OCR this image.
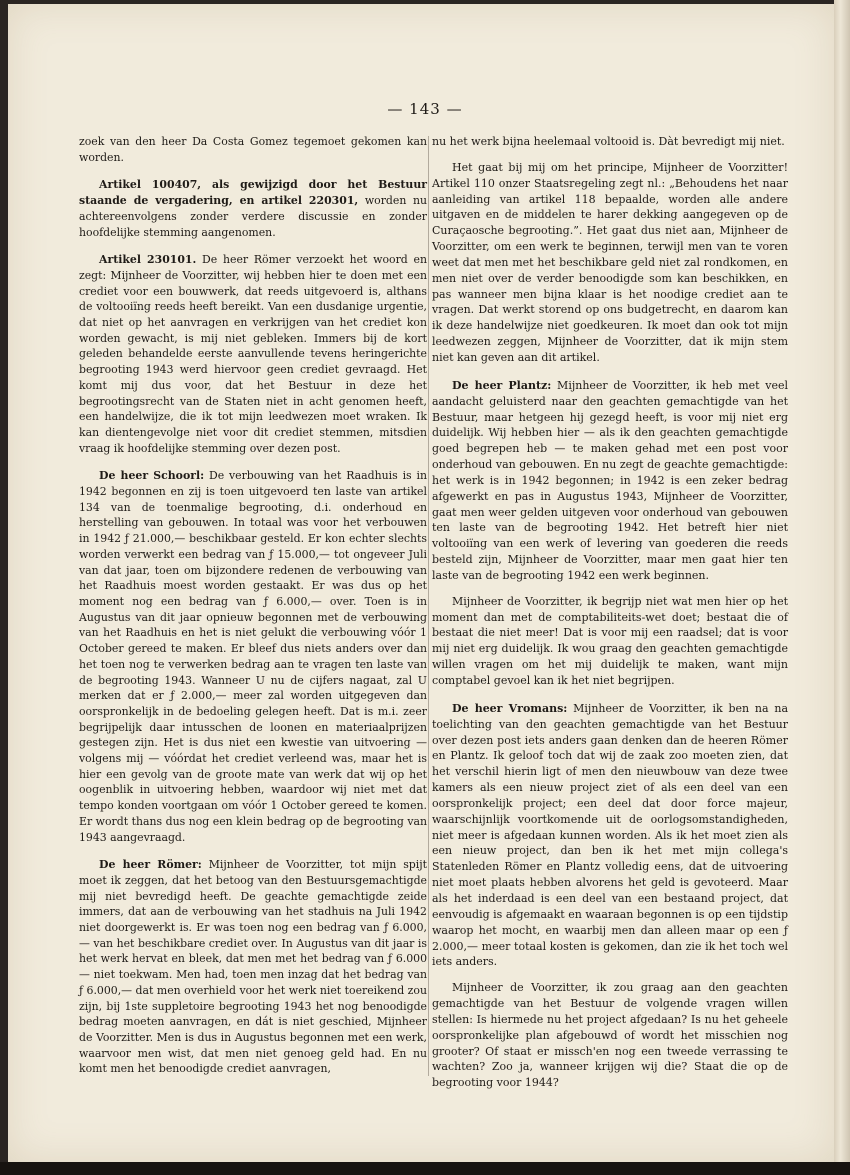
— 143 —

zoek van den heer Da Costa Gomez tegemoet gekomen kan worden.

Artikel 100407, als gewijzigd door het Bestuur staande de vergadering, en artikel 220301, worden nu achtereenvolgens zonder verdere discussie en zonder hoofdelijke stemming aangenomen.

Artikel 230101. De heer Römer verzoekt het woord en zegt: Mijnheer de Voorzitter, wij hebben hier te doen met een crediet voor een bouwwerk, dat reeds uitgevoerd is, althans de voltooiïng reeds heeft bereikt. Van een dusdanige urgentie, dat niet op het aanvragen en verkrijgen van het crediet kon worden gewacht, is mij niet gebleken. Immers bij de kort geleden behandelde eerste aanvullende tevens heringerichte begrooting 1943 werd hiervoor geen crediet gevraagd. Het komt mij dus voor, dat het Bestuur in deze het begrootingsrecht van de Staten niet in acht genomen heeft, een handelwijze, die ik tot mijn leedwezen moet wraken. Ik kan dientengevolge niet voor dit crediet stemmen, mitsdien vraag ik hoofdelijke stemming over dezen post.

De heer Schoorl: De verbouwing van het Raadhuis is in 1942 begonnen en zij is toen uitgevoerd ten laste van artikel 134 van de toenmalige begrooting, d.i. onderhoud en herstelling van gebouwen. In totaal was voor het verbouwen in 1942 ƒ 21.000,— beschikbaar gesteld. Er kon echter slechts worden verwerkt een bedrag van ƒ 15.000,— tot ongeveer Juli van dat jaar, toen om bijzondere redenen de verbouwing van het Raadhuis moest worden gestaakt. Er was dus op het moment nog een bedrag van ƒ 6.000,— over. Toen is in Augustus van dit jaar opnieuw begonnen met de verbouwing van het Raadhuis en het is niet gelukt die verbouwing vóór 1 October gereed te maken. Er bleef dus niets anders over dan het toen nog te verwerken bedrag aan te vragen ten laste van de begrooting 1943. Wanneer U nu de cijfers nagaat, zal U merken dat er ƒ 2.000,— meer zal worden uitgegeven dan oorspronkelijk in de bedoeling gelegen heeft. Dat is m.i. zeer begrijpelijk daar intusschen de loonen en materiaalprijzen gestegen zijn. Het is dus niet een kwestie van uitvoering — volgens mij — vóórdat het crediet verleend was, maar het is hier een gevolg van de groote mate van werk dat wij op het oogenblik in uitvoering hebben, waardoor wij niet met dat tempo konden voortgaan om vóór 1 October gereed te komen. Er wordt thans dus nog een klein bedrag op de begrooting van 1943 aangevraagd.

De heer Römer: Mijnheer de Voorzitter, tot mijn spijt moet ik zeggen, dat het betoog van den Bestuursgemachtigde mij niet bevredigd heeft. De geachte gemachtigde zeide immers, dat aan de verbouwing van het stadhuis na Juli 1942 niet doorgewerkt is. Er was toen nog een bedrag van ƒ 6.000,— van het beschikbare crediet over. In Augustus van dit jaar is het werk hervat en bleek, dat men met het bedrag van ƒ 6.000— niet toekwam. Men had, toen men inzag dat het bedrag van ƒ 6.000,— dat men overhield voor het werk niet toereikend zou zijn, bij 1ste suppletoire begrooting 1943 het nog benoodigde bedrag moeten aanvragen, en dát is niet geschied, Mijnheer de Voorzitter. Men is dus in Augustus begonnen met een werk, waarvoor men wist, dat men niet genoeg geld had. En nu komt men het benoodigde crediet aanvragen,

nu het werk bijna heelemaal voltooid is. Dàt bevredigt mij niet.

Het gaat bij mij om het principe, Mijnheer de Voorzitter! Artikel 110 onzer Staatsregeling zegt nl.: „Behoudens het naar aanleiding van artikel 118 bepaalde, worden alle andere uitgaven en de middelen te harer dekking aangegeven op de Curaçaosche begrooting.”. Het gaat dus niet aan, Mijnheer de Voorzitter, om een werk te beginnen, terwijl men van te voren weet dat men met het beschikbare geld niet zal rondkomen, en men niet over de verder benoodigde som kan beschikken, en pas wanneer men bijna klaar is het noodige crediet aan te vragen. Dat werkt storend op ons budgetrecht, en daarom kan ik deze handelwijze niet goedkeuren. Ik moet dan ook tot mijn leedwezen zeggen, Mijnheer de Voorzitter, dat ik mijn stem niet kan geven aan dit artikel.

De heer Plantz: Mijnheer de Voorzitter, ik heb met veel aandacht geluisterd naar den geachten gemachtigde van het Bestuur, maar hetgeen hij gezegd heeft, is voor mij niet erg duidelijk. Wij hebben hier — als ik den geachten gemachtigde goed begrepen heb — te maken gehad met een post voor onderhoud van gebouwen. En nu zegt de geachte gemachtigde: het werk is in 1942 begonnen; in 1942 is een zeker bedrag afgewerkt en pas in Augustus 1943, Mijnheer de Voorzitter, gaat men weer gelden uitgeven voor onderhoud van gebouwen ten laste van de begrooting 1942. Het betreft hier niet voltooiïng van een werk of levering van goederen die reeds besteld zijn, Mijnheer de Voorzitter, maar men gaat hier ten laste van de begrooting 1942 een werk beginnen.

Mijnheer de Voorzitter, ik begrijp niet wat men hier op het moment dan met de comptabiliteits-wet doet; bestaat die of bestaat die niet meer! Dat is voor mij een raadsel; dat is voor mij niet erg duidelijk. Ik wou graag den geachten gemachtigde willen vragen om het mij duidelijk te maken, want mijn comptabel gevoel kan ik het niet begrijpen.

De heer Vromans: Mijnheer de Voorzitter, ik ben na na toelichting van den geachten gemachtigde van het Bestuur over dezen post iets anders gaan denken dan de heeren Römer en Plantz. Ik geloof toch dat wij de zaak zoo moeten zien, dat het verschil hierin ligt of men den nieuwbouw van deze twee kamers als een nieuw project ziet of als een deel van een oorspronkelijk project; een deel dat door force majeur, waarschijnlijk voortkomende uit de oorlogsomstandigheden, niet meer is afgedaan kunnen worden. Als ik het moet zien als een nieuw project, dan ben ik het met mijn collega's Statenleden Römer en Plantz volledig eens, dat de uitvoering niet moet plaats hebben alvorens het geld is gevoteerd. Maar als het inderdaad is een deel van een bestaand project, dat eenvoudig is afgemaakt en waaraan begonnen is op een tijdstip waarop het mocht, en waarbij men dan alleen maar op een ƒ 2.000,— meer totaal kosten is gekomen, dan zie ik het toch wel iets anders.

Mijnheer de Voorzitter, ik zou graag aan den geachten gemachtigde van het Bestuur de volgende vragen willen stellen: Is hiermede nu het project afgedaan? Is nu het geheele oorspronkelijke plan afgebouwd of wordt het misschien nog grooter? Of staat er missch'en nog een tweede verrassing te wachten? Zoo ja, wanneer krijgen wij die? Staat die op de begrooting voor 1944?
